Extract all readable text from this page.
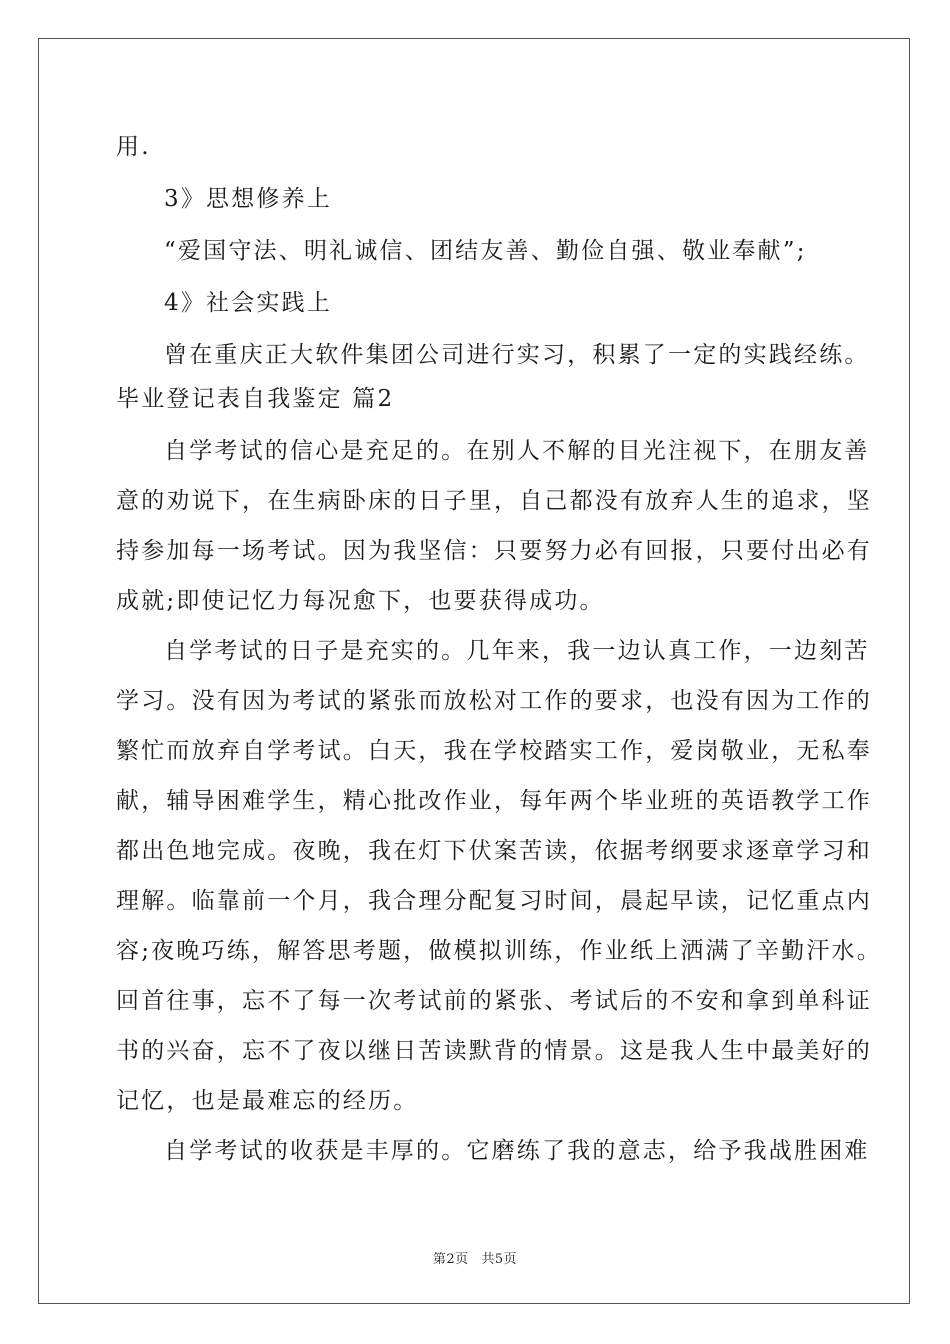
用.
3》思想修养上
“爱国守法、明礼诚信、团结友善、勤俭自强、敬业奉献”;
4》社会实践上
曾在重庆正大软件集团公司进行实习，积累了一定的实践经练。
毕业登记表自我鉴定 篇2
自学考试的信心是充足的。在别人不解的目光注视下，在朋友善
意的劝说下，在生病卧床的日子里，自己都没有放弃人生的追求，坚
持参加每一场考试。因为我坚信：只要努力必有回报，只要付出必有
成就;即使记忆力每况愈下，也要获得成功。
自学考试的日子是充实的。几年来，我一边认真工作，一边刻苦
学习。没有因为考试的紧张而放松对工作的要求，也没有因为工作的
繁忙而放弃自学考试。白天，我在学校踏实工作，爱岗敬业，无私奉
献，辅导困难学生，精心批改作业，每年两个毕业班的英语教学工作
都出色地完成。夜晚，我在灯下伏案苦读，依据考纲要求逐章学习和
理解。临靠前一个月，我合理分配复习时间，晨起早读，记忆重点内
容;夜晚巧练，解答思考题，做模拟训练，作业纸上洒满了辛勤汗水。
回首往事，忘不了每一次考试前的紧张、考试后的不安和拿到单科证
书的兴奋，忘不了夜以继日苦读默背的情景。这是我人生中最美好的
记忆，也是最难忘的经历。
自学考试的收获是丰厚的。它磨练了我的意志，给予我战胜困难
第2页 共5页
